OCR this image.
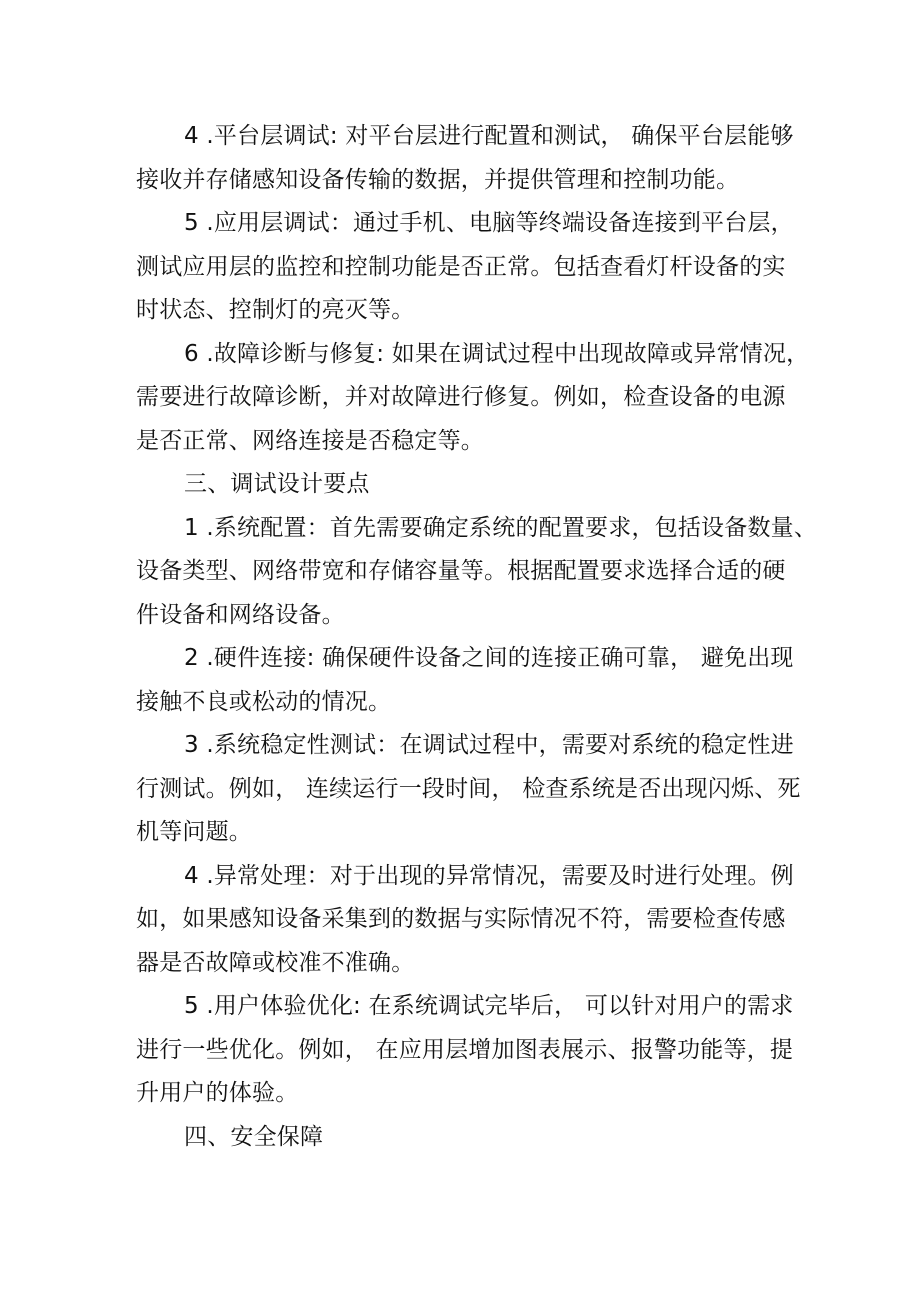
4 .平台层调试: 对平台层进行配置和测试， 确保平台层能够
接收并存储感知设备传输的数据，并提供管理和控制功能。
5 .应用层调试：通过手机、电脑等终端设备连接到平台层，
测试应用层的监控和控制功能是否正常。包括查看灯杆设备的实
时状态、控制灯的亮灭等。
6 .故障诊断与修复: 如果在调试过程中出现故障或异常情况，
需要进行故障诊断，并对故障进行修复。例如，检查设备的电源
是否正常、网络连接是否稳定等。
三、调试设计要点
1 .系统配置：首先需要确定系统的配置要求，包括设备数量、
设备类型、网络带宽和存储容量等。根据配置要求选择合适的硬
件设备和网络设备。
2 .硬件连接: 确保硬件设备之间的连接正确可靠， 避免出现
接触不良或松动的情况。
3 .系统稳定性测试：在调试过程中，需要对系统的稳定性进
行测试。例如， 连续运行一段时间， 检查系统是否出现闪烁、死
机等问题。
4 .异常处理：对于出现的异常情况，需要及时进行处理。例
如，如果感知设备采集到的数据与实际情况不符，需要检查传感
器是否故障或校准不准确。
5 .用户体验优化: 在系统调试完毕后， 可以针对用户的需求
进行一些优化。例如， 在应用层增加图表展示、报警功能等，提
升用户的体验。
四、安全保障
